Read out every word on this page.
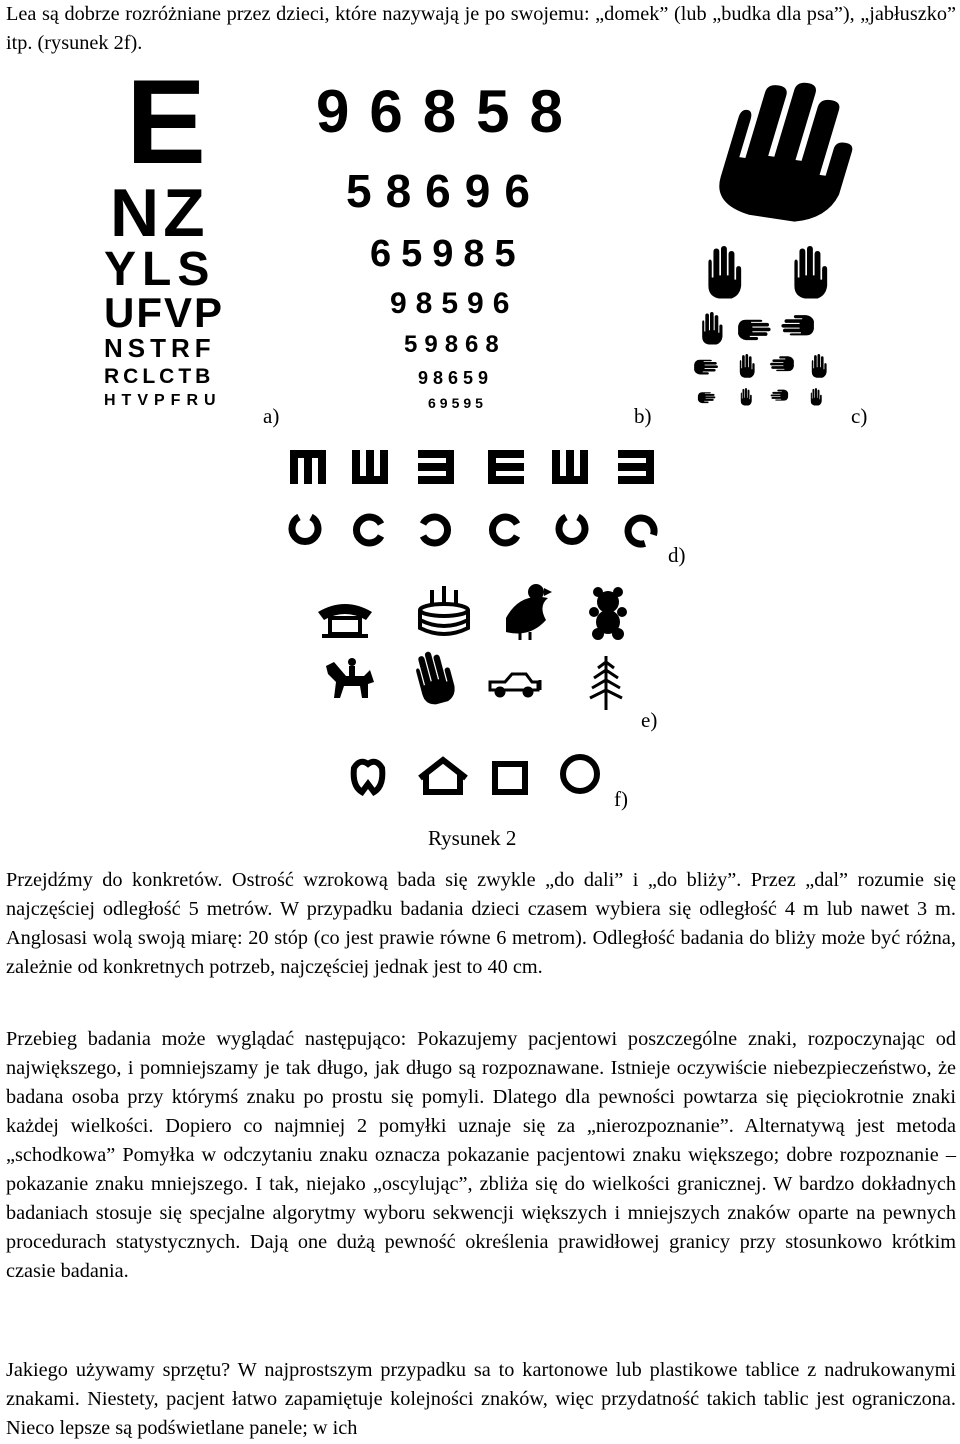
Lea są dobrze rozróżniane przez dzieci, które nazywają je po swojemu: „domek” (lub „budka dla psa”), „jabłuszko” itp. (rysunek 2f).

E
NZ
YLS
UFVP
NSTRF
RCLCTB
HTVPFRU
96858
58696
65985
98596
59868
98659
69595
a)	b)	c)
d)
e)
f)
Rysunek 2

Przejdźmy do konkretów. Ostrość wzrokową bada się zwykle „do dali” i „do bliży”. Przez „dal” rozumie się najczęściej odległość 5 metrów. W przypadku badania dzieci czasem wybiera się odległość 4 m lub nawet 3 m. Anglosasi wolą swoją miarę: 20 stóp (co jest prawie równe 6 metrom). Odległość badania do bliży może być różna, zależnie od konkretnych potrzeb, najczęściej jednak jest to 40 cm.

Przebieg badania może wyglądać następująco: Pokazujemy pacjentowi poszczególne znaki, rozpoczynając od największego, i pomniejszamy je tak długo, jak długo są rozpoznawane. Istnieje oczywiście niebezpieczeństwo, że badana osoba przy którymś znaku po prostu się pomyli. Dlatego dla pewności powtarza się pięciokrotnie znaki każdej wielkości. Dopiero co najmniej 2 pomyłki uznaje się za „nierozpoznanie”. Alternatywą jest metoda „schodkowa” Pomyłka w odczytaniu znaku oznacza pokazanie pacjentowi znaku większego; dobre rozpoznanie – pokazanie znaku mniejszego. I tak, niejako „oscylując”, zbliża się do wielkości granicznej. W bardzo dokładnych badaniach stosuje się specjalne algorytmy wyboru sekwencji większych i mniejszych znaków oparte na pewnych procedurach statystycznych. Dają one dużą pewność określenia prawidłowej granicy przy stosunkowo krótkim czasie badania.

Jakiego używamy sprzętu? W najprostszym przypadku sa to kartonowe lub plastikowe tablice z nadrukowanymi znakami. Niestety, pacjent łatwo zapamiętuje kolejności znaków, więc przydatność takich tablic jest ograniczona. Nieco lepsze są podświetlane panele; w ich
